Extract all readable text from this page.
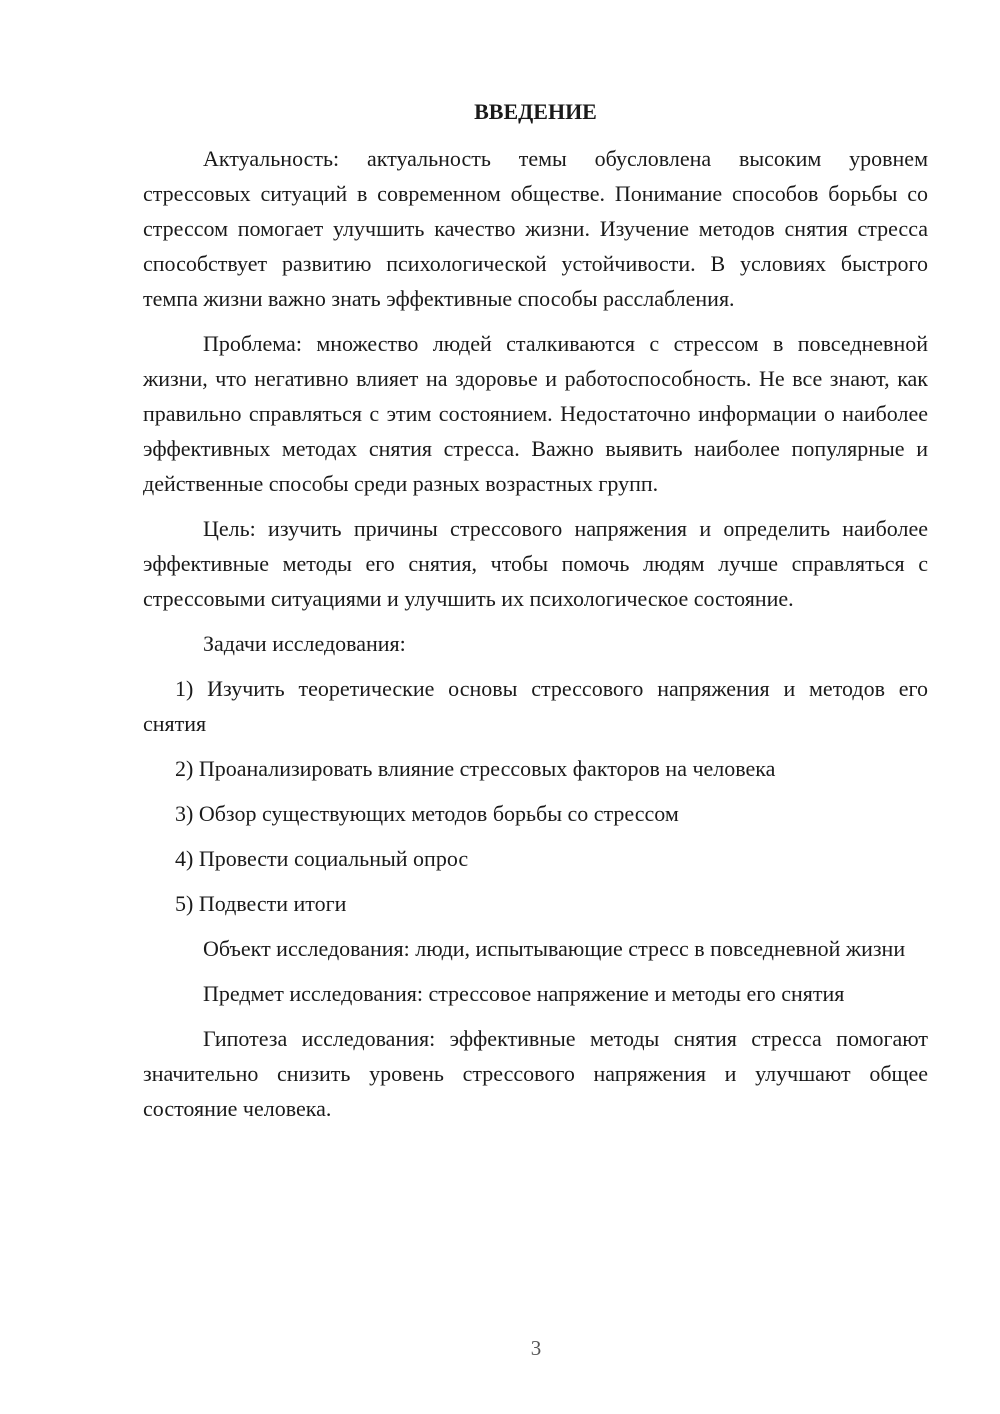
ВВЕДЕНИЕ

Актуальность: актуальность темы обусловлена высоким уровнем стрессовых ситуаций в современном обществе. Понимание способов борьбы со стрессом помогает улучшить качество жизни. Изучение методов снятия стресса способствует развитию психологической устойчивости. В условиях быстрого темпа жизни важно знать эффективные способы расслабления.

Проблема: множество людей сталкиваются с стрессом в повседневной жизни, что негативно влияет на здоровье и работоспособность. Не все знают, как правильно справляться с этим состоянием. Недостаточно информации о наиболее эффективных методах снятия стресса. Важно выявить наиболее популярные и действенные способы среди разных возрастных групп.

Цель: изучить причины стрессового напряжения и определить наиболее эффективные методы его снятия, чтобы помочь людям лучше справляться с стрессовыми ситуациями и улучшить их психологическое состояние.

Задачи исследования:

1) Изучить теоретические основы стрессового напряжения и методов его снятия

2) Проанализировать влияние стрессовых факторов на человека

3) Обзор существующих методов борьбы со стрессом

4) Провести социальный опрос

5) Подвести итоги

Объект исследования: люди, испытывающие стресс в повседневной жизни

Предмет исследования: стрессовое напряжение и методы его снятия

Гипотеза исследования: эффективные методы снятия стресса помогают значительно снизить уровень стрессового напряжения и улучшают общее состояние человека.

3
